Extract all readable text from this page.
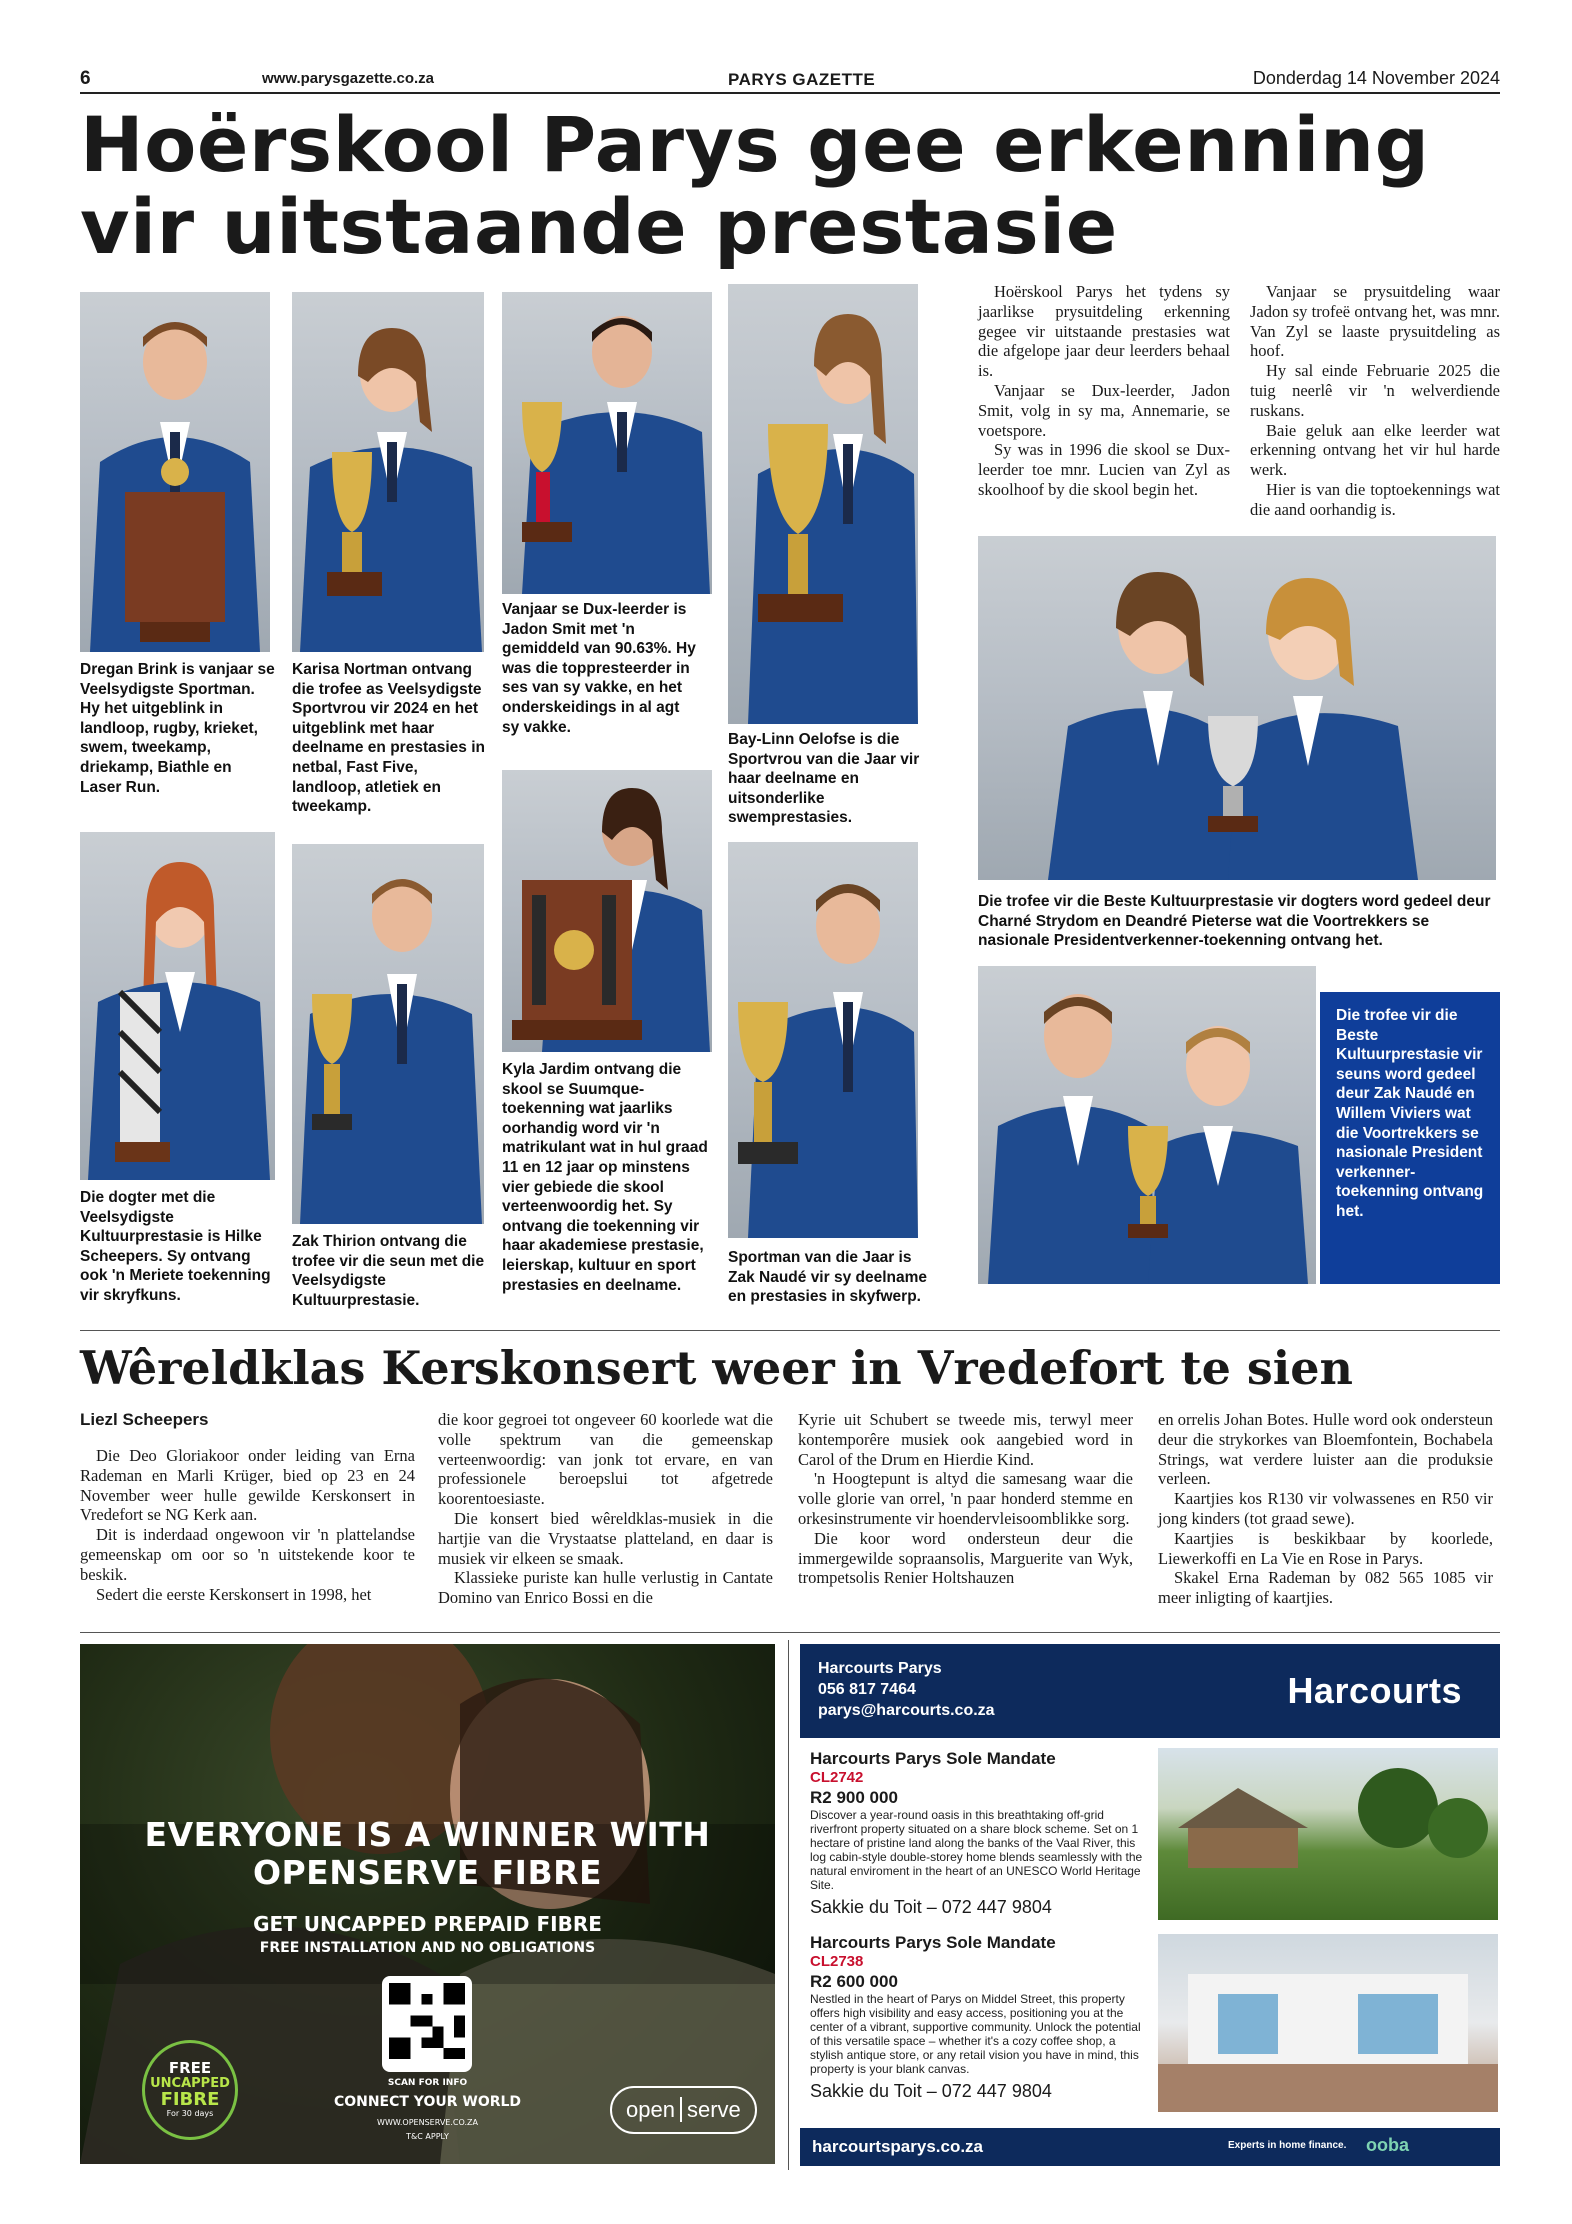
6	www.parysgazette.co.za	PARYS GAZETTE	Donderdag 14 November 2024
Hoërskool Parys gee erkenning
vir uitstaande prestasie

Hoërskool Parys het tydens sy jaarlikse prysuitdeling erkenning gegee vir uitstaande prestasies wat die afgelope jaar deur leerders behaal is.

Vanjaar se Dux-leerder, Jadon Smit, volg in sy ma, Annemarie, se voetspore.

Sy was in 1996 die skool se Dux-leerder toe mnr. Lucien van Zyl as skoolhoof by die skool begin het.

Vanjaar se prysuitdeling waar Jadon sy trofeë ontvang het, was mnr. Van Zyl se laaste prysuitdeling as hoof.

Hy sal einde Februarie 2025 die tuig neerlê vir 'n welverdiende ruskans.

Baie geluk aan elke leerder wat erkenning ontvang het vir hul harde werk.

Hier is van die toptoekennings wat die aand oorhandig is.

Dregan Brink is vanjaar se Veelsydigste Sportman. Hy het uitgeblink in landloop, rugby, krieket, swem, tweekamp, driekamp, Biathle en Laser Run.
Die dogter met die Veelsydigste Kultuurprestasie is Hilke Scheepers. Sy ontvang ook 'n Meriete toekenning vir skryfkuns.
Karisa Nortman ontvang die trofee as Veelsydigste Sportvrou vir 2024 en het uitgeblink met haar deelname en prestasies in netbal, Fast Five, landloop, atletiek en tweekamp.
Zak Thirion ontvang die trofee vir die seun met die Veelsydigste Kultuurprestasie.
Vanjaar se Dux-leerder is Jadon Smit met 'n gemiddeld van 90.63%. Hy was die toppresteerder in ses van sy vakke, en het onderskeidings in al agt sy vakke.
Kyla Jardim ontvang die skool se Suumque-toekenning wat jaarliks oorhandig word vir 'n matrikulant wat in hul graad 11 en 12 jaar op minstens vier gebiede die skool verteenwoordig het. Sy ontvang die toekenning vir haar akademiese prestasie, leierskap, kultuur en sport prestasies en deelname.
Bay-Linn Oelofse is die Sportvrou van die Jaar vir haar deelname en uitsonderlike swemprestasies.
Sportman van die Jaar is Zak Naudé vir sy deelname en prestasies in skyfwerp.
Die trofee vir die Beste Kultuurprestasie vir dogters word gedeel deur Charné Strydom en Deandré Pieterse wat die Voortrekkers se nasionale Presidentverkenner-toekenning ontvang het.
Die trofee vir die Beste Kultuurprestasie vir seuns word gedeel deur Zak Naudé en Willem Viviers wat die Voortrekkers se nasionale President verkenner-toekenning ontvang het.
Wêreldklas Kerskonsert weer in Vredefort te sien
Liezl Scheepers

Die Deo Gloriakoor onder leiding van Erna Rademan en Marli Krüger, bied op 23 en 24 November weer hulle gewilde Kerskonsert in Vredefort se NG Kerk aan.

Dit is inderdaad ongewoon vir 'n plattelandse gemeenskap om oor so 'n uitstekende koor te beskik.

Sedert die eerste Kerskonsert in 1998, het

die koor gegroei tot ongeveer 60 koorlede wat die volle spektrum van die gemeenskap verteenwoordig: van jonk tot ervare, en van professionele beroepslui tot afgetrede koorentoesiaste.

Die konsert bied wêreldklas-musiek in die hartjie van die Vrystaatse platteland, en daar is musiek vir elkeen se smaak.

Klassieke puriste kan hulle verlustig in Cantate Domino van Enrico Bossi en die

Kyrie uit Schubert se tweede mis, terwyl meer kontemporêre musiek ook aangebied word in Carol of the Drum en Hierdie Kind.

'n Hoogtepunt is altyd die samesang waar die volle glorie van orrel, 'n paar honderd stemme en orkesinstrumente vir hoendervleisoomblikke sorg.

Die koor word ondersteun deur die immergewilde sopraansolis, Marguerite van Wyk, trompetsolis Renier Holtshauzen

en orrelis Johan Botes. Hulle word ook ondersteun deur die strykorkes van Bloemfontein, Bochabela Strings, wat verdere luister aan die produksie verleen.

Kaartjies kos R130 vir volwassenes en R50 vir jong kinders (tot graad sewe).

Kaartjies is beskikbaar by koorlede, Liewerkoffi en La Vie en Rose in Parys.

Skakel Erna Rademan by 082 565 1085 vir meer inligting of kaartjies.

EVERYONE IS A WINNER WITH
OPENSERVE FIBRE
GET UNCAPPED PREPAID FIBRE
FREE INSTALLATION AND NO OBLIGATIONS
SCAN FOR INFO
CONNECT YOUR WORLD
WWW.OPENSERVE.CO.ZA
T&C APPLY
FREE
UNCAPPED
FIBRE
For 30 days	open serve
Harcourts Parys
056 817 7464
parys@harcourts.co.za	Harcourts
Harcourts Parys Sole Mandate
CL2742
R2 900 000
Discover a year-round oasis in this breathtaking off-grid riverfront property situated on a share block scheme. Set on 1 hectare of pristine land along the banks of the Vaal River, this log cabin-style double-storey home blends seamlessly with the natural enviroment in the heart of an UNESCO World Heritage Site.
Sakkie du Toit – 072 447 9804
Harcourts Parys Sole Mandate
CL2738
R2 600 000
Nestled in the heart of Parys on Middel Street, this property offers high visibility and easy access, positioning you at the center of a vibrant, supportive community. Unlock the potential of this versatile space – whether it's a cozy coffee shop, a stylish antique store, or any retail vision you have in mind, this property is your blank canvas.
Sakkie du Toit – 072 447 9804
harcourtsparys.co.za	Experts in home finance. ooba
